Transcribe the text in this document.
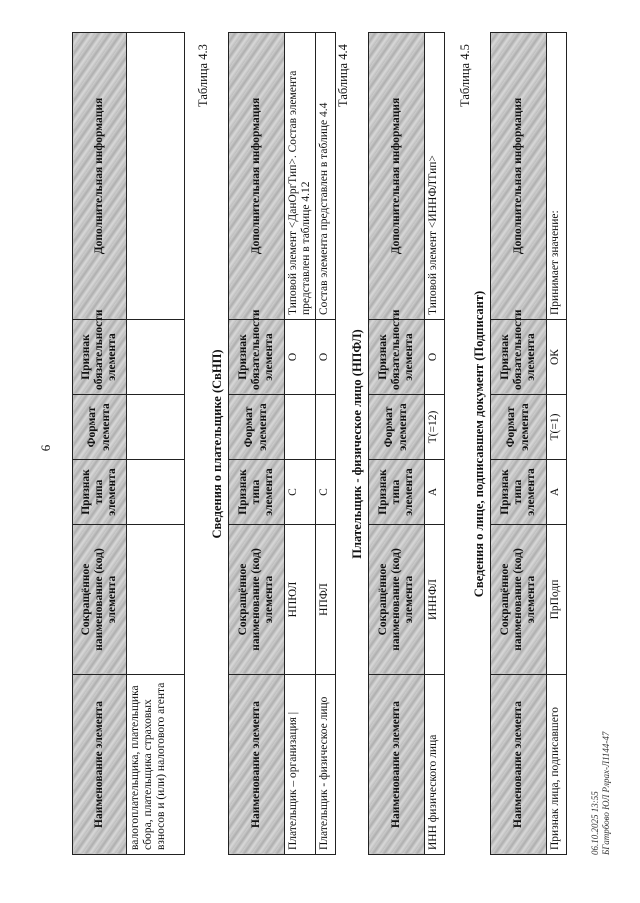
6
Наименование элемента	Сокращённое наименование (код) элемента	Признак типа элемента	Формат элемента	Признак обязательности элемента	Дополнительная информация
валогоплательщика, плательщика сбора, плательщика страховых взносов и (или) налогового агента					
Таблица 4.3
Сведения о плательщике (СвНП)
Наименование элемента	Сокращённое наименование (код) элемента	Признак типа элемента	Формат элемента	Признак обязательности элемента	Дополнительная информация
Плательщик – организация |	НПЮЛ	С		О	Типовой элемент <ДанОргТип>. Состав элемента представлен в таблице 4.12
Плательщик - физическое лицо	НПФЛ	С		О	Состав элемента представлен в таблице 4.4
Таблица 4.4
Плательщик - физическое лицо (НПФЛ)
Наименование элемента	Сокращённое наименование (код) элемента	Признак типа элемента	Формат элемента	Признак обязательности элемента	Дополнительная информация
ИНН физического лица	ИННФЛ	А	Т(=12)	О	Типовой элемент <ИННФЛТип>
Таблица 4.5
Сведения о лице, подписавшем документ (Подписант)
Наименование элемента	Сокращённое наименование (код) элемента	Признак типа элемента	Формат элемента	Признак обязательности элемента	Дополнительная информация
Признак лица, подписавшего	ПрПодп	А	Т(=1)	ОК	Принимает значение:
06.10.2025 13:55 БГатрбово ЮЛ Рлрах-Л1144-47
